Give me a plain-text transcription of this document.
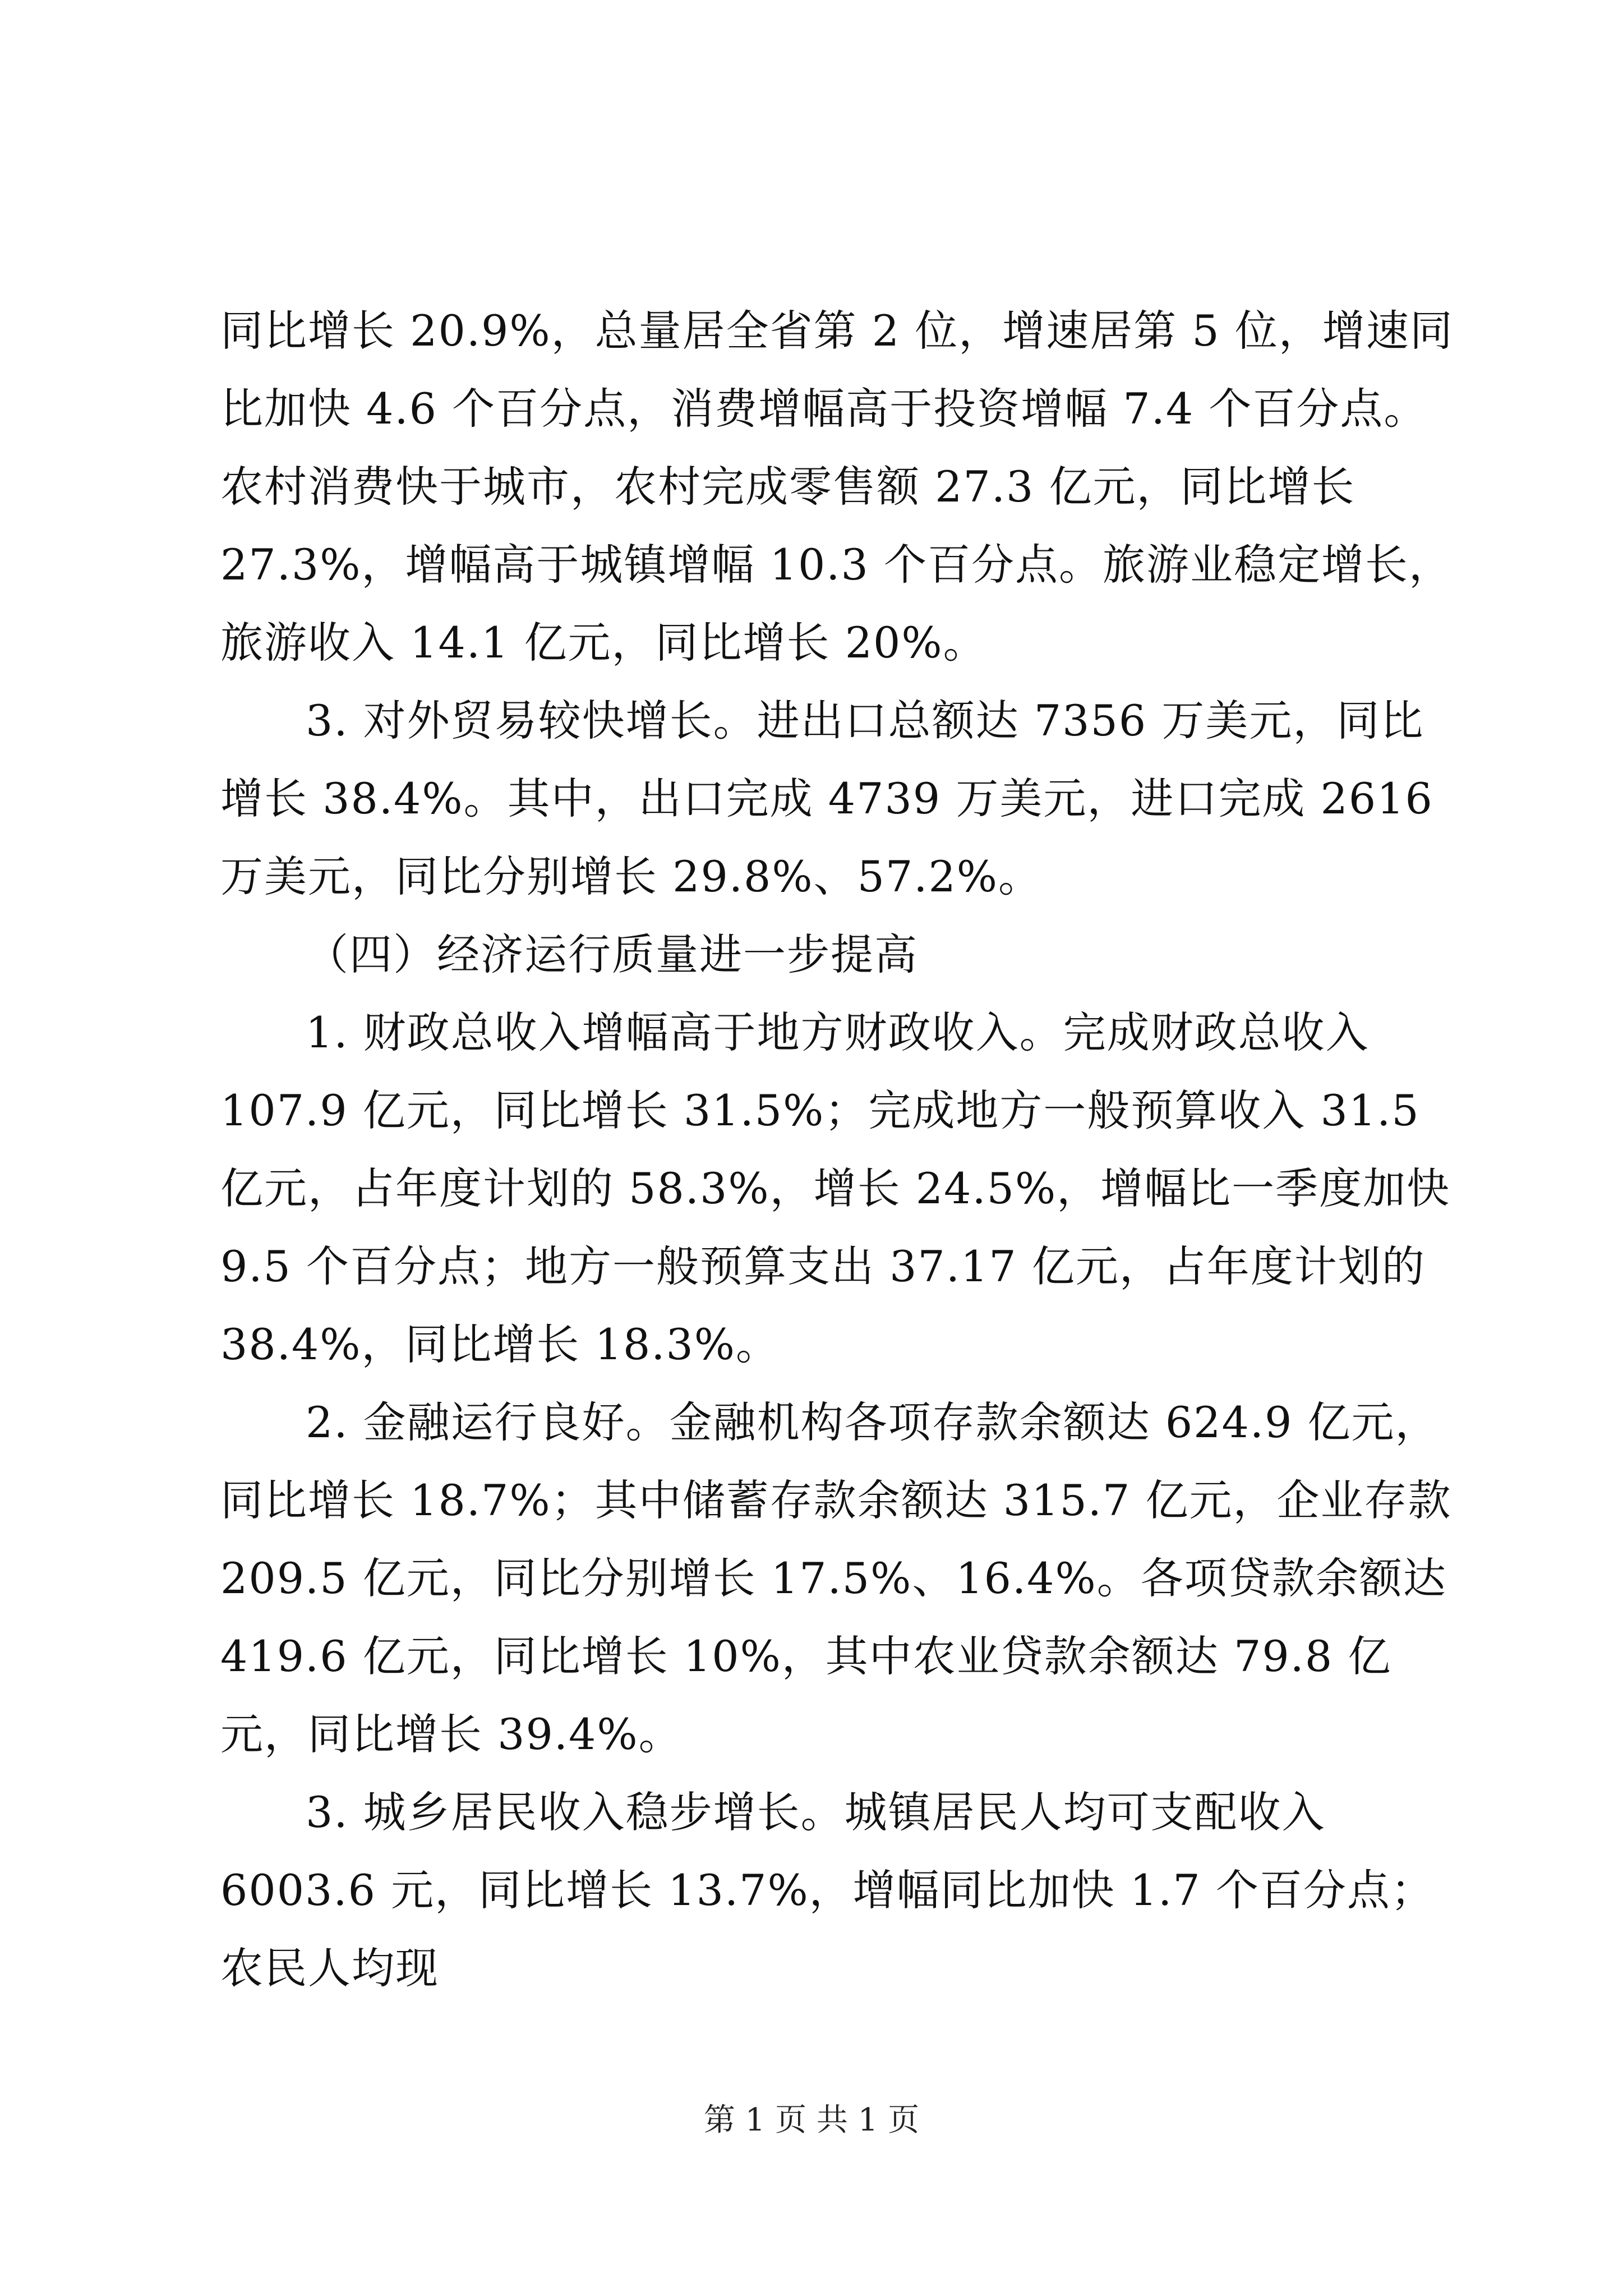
同比增长 20.9%，总量居全省第 2 位，增速居第 5 位，增速同比加快 4.6 个百分点，消费增幅高于投资增幅 7.4 个百分点。农村消费快于城市，农村完成零售额 27.3 亿元，同比增长 27.3%，增幅高于城镇增幅 10.3 个百分点。旅游业稳定增长，旅游收入 14.1 亿元，同比增长 20%。

3. 对外贸易较快增长。进出口总额达 7356 万美元，同比增长 38.4%。其中，出口完成 4739 万美元，进口完成 2616 万美元，同比分别增长 29.8%、57.2%。

（四）经济运行质量进一步提高

1. 财政总收入增幅高于地方财政收入。完成财政总收入 107.9 亿元，同比增长 31.5%；完成地方一般预算收入 31.5 亿元，占年度计划的 58.3%，增长 24.5%，增幅比一季度加快 9.5 个百分点；地方一般预算支出 37.17 亿元，占年度计划的 38.4%，同比增长 18.3%。

2. 金融运行良好。金融机构各项存款余额达 624.9 亿元，同比增长 18.7%；其中储蓄存款余额达 315.7 亿元，企业存款 209.5 亿元，同比分别增长 17.5%、16.4%。各项贷款余额达 419.6 亿元，同比增长 10%，其中农业贷款余额达 79.8 亿元，同比增长 39.4%。

3. 城乡居民收入稳步增长。城镇居民人均可支配收入 6003.6 元，同比增长 13.7%，增幅同比加快 1.7 个百分点；农民人均现

第 1 页 共 1 页
